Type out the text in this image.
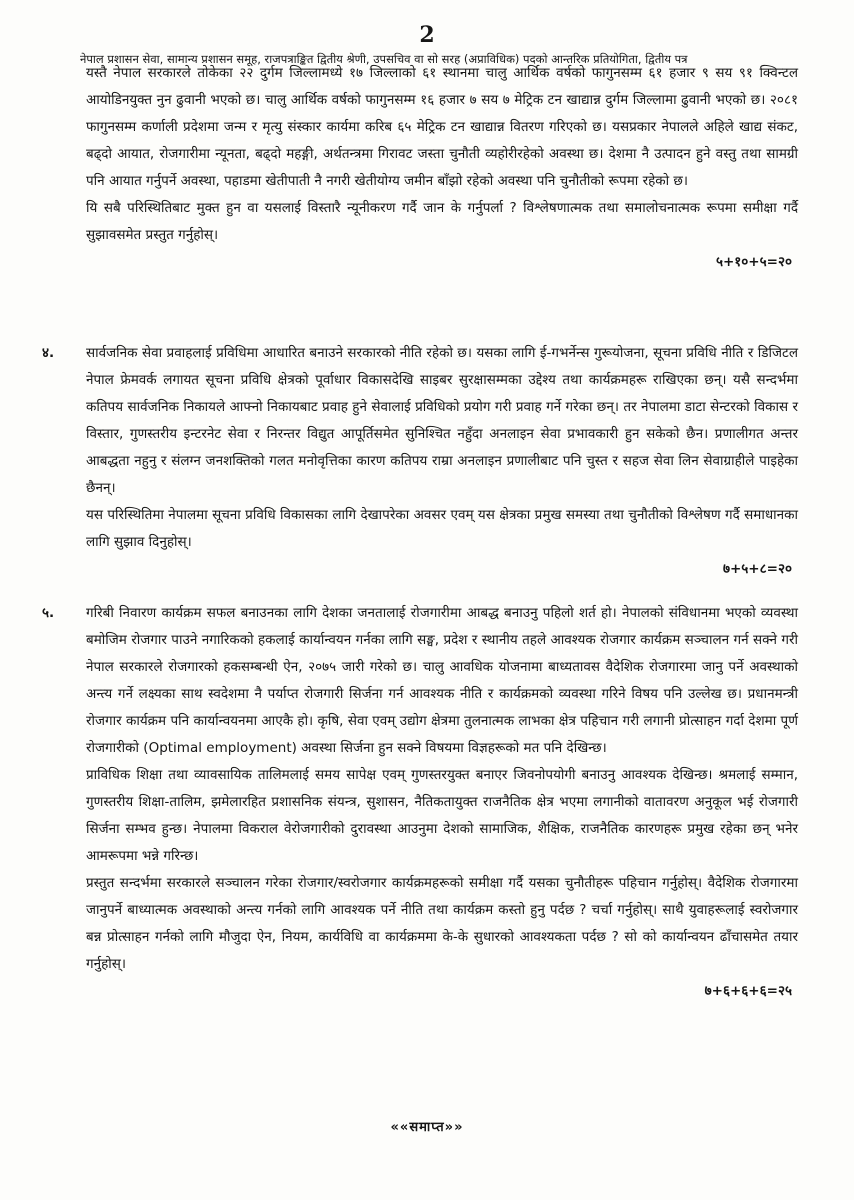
2
नेपाल प्रशासन सेवा, सामान्य प्रशासन समूह, राजपत्राङ्कित द्वितीय श्रेणी, उपसचिव वा सो सरह (अप्राविधिक) पदको आन्तरिक प्रतियोगिता, द्वितीय पत्र

यस्तै नेपाल सरकारले तोकेका २२ दुर्गम जिल्लामध्ये १७ जिल्लाको ६१ स्थानमा चालु आर्थिक वर्षको फागुनसम्म ६१ हजार ९ सय ९१ क्विन्टल आयोडिनयुक्त नुन ढुवानी भएको छ। चालु आर्थिक वर्षको फागुनसम्म १६ हजार ७ सय ७ मेट्रिक टन खाद्यान्न दुर्गम जिल्लामा ढुवानी भएको छ। २०८१ फागुनसम्म कर्णाली प्रदेशमा जन्म र मृत्यु संस्कार कार्यमा करिब ६५ मेट्रिक टन खाद्यान्न वितरण गरिएको छ। यसप्रकार नेपालले अहिले खाद्य संकट, बढ्दो आयात, रोजगारीमा न्यूनता, बढ्दो महङ्गी, अर्थतन्त्रमा गिरावट जस्ता चुनौती व्यहोरीरहेको अवस्था छ। देशमा नै उत्पादन हुने वस्तु तथा सामग्री पनि आयात गर्नुपर्ने अवस्था, पहाडमा खेतीपाती नै नगरी खेतीयोग्य जमीन बाँझो रहेको अवस्था पनि चुनौतीको रूपमा रहेको छ।

यि सबै परिस्थितिबाट मुक्त हुन वा यसलाई विस्तारै न्यूनीकरण गर्दै जान के गर्नुपर्ला ? विश्लेषणात्मक तथा समालोचनात्मक रूपमा समीक्षा गर्दै सुझावसमेत प्रस्तुत गर्नुहोस्।

५+१०+५=२०

४. सार्वजनिक सेवा प्रवाहलाई प्रविधिमा आधारित बनाउने सरकारको नीति रहेको छ। यसका लागि ई-गभर्नेन्स गुरूयोजना, सूचना प्रविधि नीति र डिजिटल नेपाल फ्रेमवर्क लगायत सूचना प्रविधि क्षेत्रको पूर्वाधार विकासदेखि साइबर सुरक्षासम्मका उद्देश्य तथा कार्यक्रमहरू राखिएका छन्। यसै सन्दर्भमा कतिपय सार्वजनिक निकायले आफ्नो निकायबाट प्रवाह हुने सेवालाई प्रविधिको प्रयोग गरी प्रवाह गर्ने गरेका छन्। तर नेपालमा डाटा सेन्टरको विकास र विस्तार, गुणस्तरीय इन्टरनेट सेवा र निरन्तर विद्युत आपूर्तिसमेत सुनिश्चित नहुँदा अनलाइन सेवा प्रभावकारी हुन सकेको छैन। प्रणालीगत अन्तर आबद्धता नहुनु र संलग्न जनशक्तिको गलत मनोवृत्तिका कारण कतिपय राम्रा अनलाइन प्रणालीबाट पनि चुस्त र सहज सेवा लिन सेवाग्राहीले पाइहेका छैनन्।

यस परिस्थितिमा नेपालमा सूचना प्रविधि विकासका लागि देखापरेका अवसर एवम् यस क्षेत्रका प्रमुख समस्या तथा चुनौतीको विश्लेषण गर्दै समाधानका लागि सुझाव दिनुहोस्।

७+५+८=२०

५. गरिबी निवारण कार्यक्रम सफल बनाउनका लागि देशका जनतालाई रोजगारीमा आबद्ध बनाउनु पहिलो शर्त हो। नेपालको संविधानमा भएको व्यवस्था बमोजिम रोजगार पाउने नगारिकको हकलाई कार्यान्वयन गर्नका लागि सङ्घ, प्रदेश र स्थानीय तहले आवश्यक रोजगार कार्यक्रम सञ्चालन गर्न सक्ने गरी नेपाल सरकारले रोजगारको हकसम्बन्धी ऐन, २०७५ जारी गरेको छ। चालु आवधिक योजनामा बाध्यतावस वैदेशिक रोजगारमा जानु पर्ने अवस्थाको अन्त्य गर्ने लक्ष्यका साथ स्वदेशमा नै पर्याप्त रोजगारी सिर्जना गर्न आवश्यक नीति र कार्यक्रमको व्यवस्था गरिने विषय पनि उल्लेख छ। प्रधानमन्त्री रोजगार कार्यक्रम पनि कार्यान्वयनमा आएकै हो। कृषि, सेवा एवम् उद्योग क्षेत्रमा तुलनात्मक लाभका क्षेत्र पहिचान गरी लगानी प्रोत्साहन गर्दा देशमा पूर्ण रोजगारीको (Optimal employment) अवस्था सिर्जना हुन सक्ने विषयमा विज्ञहरूको मत पनि देखिन्छ।

प्राविधिक शिक्षा तथा व्यावसायिक तालिमलाई समय सापेक्ष एवम् गुणस्तरयुक्त बनाएर जिवनोपयोगी बनाउनु आवश्यक देखिन्छ। श्रमलाई सम्मान, गुणस्तरीय शिक्षा-तालिम, झमेलारहित प्रशासनिक संयन्त्र, सुशासन, नैतिकतायुक्त राजनैतिक क्षेत्र भएमा लगानीको वातावरण अनुकूल भई रोजगारी सिर्जना सम्भव हुन्छ। नेपालमा विकराल वेरोजगारीको दुरावस्था आउनुमा देशको सामाजिक, शैक्षिक, राजनैतिक कारणहरू प्रमुख रहेका छन् भनेर आमरूपमा भन्ने गरिन्छ।

प्रस्तुत सन्दर्भमा सरकारले सञ्चालन गरेका रोजगार/स्वरोजगार कार्यक्रमहरूको समीक्षा गर्दै यसका चुनौतीहरू पहिचान गर्नुहोस्। वैदेशिक रोजगारमा जानुपर्ने बाध्यात्मक अवस्थाको अन्त्य गर्नको लागि आवश्यक पर्ने नीति तथा कार्यक्रम कस्तो हुनु पर्दछ ? चर्चा गर्नुहोस्। साथै युवाहरूलाई स्वरोजगार बन्न प्रोत्साहन गर्नको लागि मौजुदा ऐन, नियम, कार्यविधि वा कार्यक्रममा के-के सुधारको आवश्यकता पर्दछ ? सो को कार्यान्वयन ढाँचासमेत तयार गर्नुहोस्।

७+६+६+६=२५

««समाप्त»»
